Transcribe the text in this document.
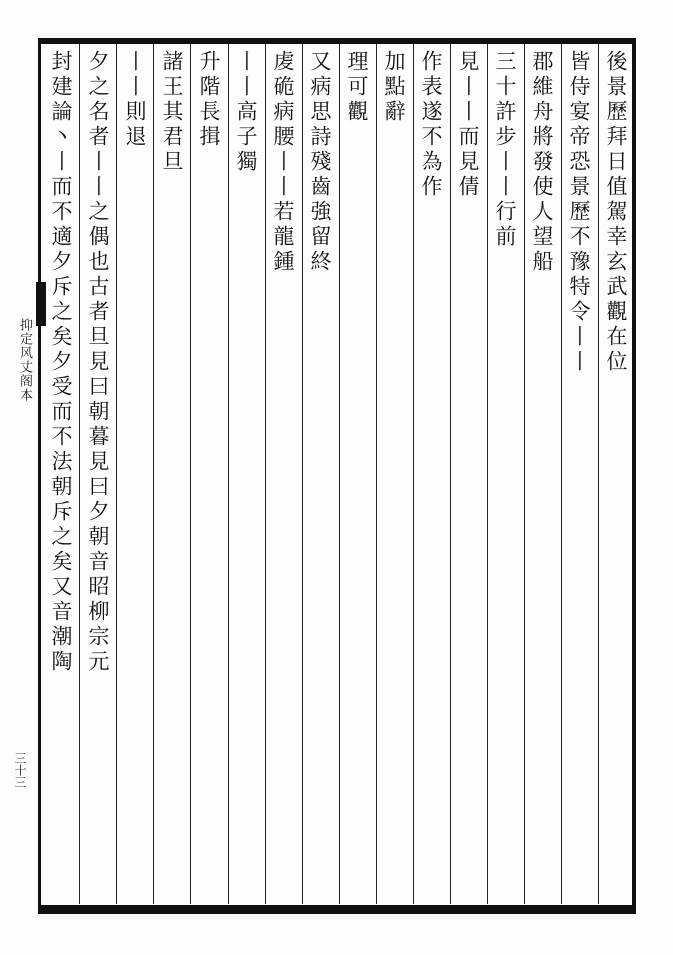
後景歷拜日值駕幸玄武觀在位
皆侍宴帝恐景歷不豫特令丨丨
郡維舟將發使人望船
三十許步丨丨行前
見丨丨而見倩
作表遂不為作
加點辭
理可觀
又病思詩殘齒強留終
䖍硊病腰丨丨若龍鍾
丨丨高子獨
升階長揖
諸王其君旦
丨丨則退
夕之名者丨丨之偶也古者旦見曰朝暮見曰夕朝音昭柳宗元
封建論丶丨而不適夕斥之矣夕受而不法朝斥之矣又音潮陶
抑定风丈阁本
三十三
